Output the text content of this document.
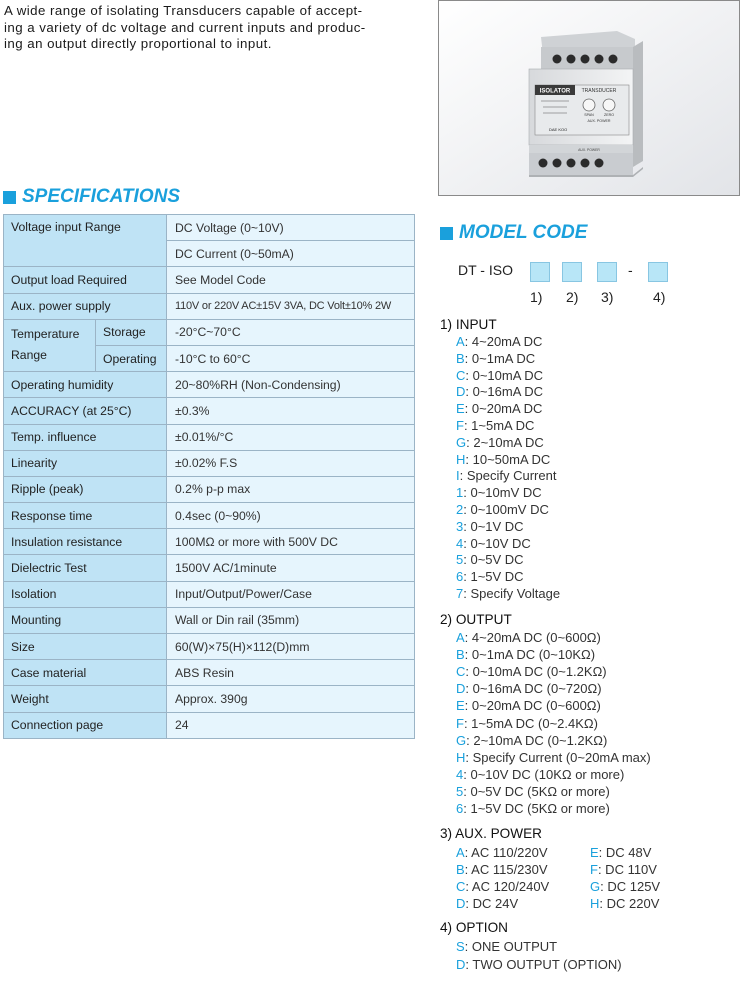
A wide range of isolating Transducers capable of accept-
ing a variety of dc voltage and current inputs and produc-
ing an output directly proportional to input.
ISOLATOR TRANSDUCER
SPAN	ZERO
AUX. POWER
DAE KOO
AUX. POWER
SPECIFICATIONS
Voltage input Range		DC Voltage (0~10V)
		DC Current (0~50mA)
Output load Required		See Model Code
Aux. power supply		110V or 220V AC±15V 3VA, DC Volt±10% 2W

Temperature
Range	Storage	-20°C~70°C
	Operating	-10°C to 60°C
Operating humidity		20~80%RH (Non-Condensing)
ACCURACY (at 25°C)		±0.3%
Temp. influence		±0.01%/°C
Linearity		±0.02% F.S
Ripple (peak)		0.2% p-p max
Response time		0.4sec (0~90%)
Insulation resistance		100MΩ or more with 500V DC
Dielectric Test		1500V AC/1minute
Isolation		Input/Output/Power/Case
Mounting		Wall or Din rail (35mm)
Size		60(W)×75(H)×112(D)mm
Case material		ABS Resin
Weight		Approx. 390g
Connection page		24
MODEL CODE
DT - ISO	-
1) 2) 3)	4)
1) INPUT
A: 4~20mA DC
B: 0~1mA DC
C: 0~10mA DC
D: 0~16mA DC
E: 0~20mA DC
F: 1~5mA DC
G: 2~10mA DC
H: 10~50mA DC
I: Specify Current
1: 0~10mV DC
2: 0~100mV DC
3: 0~1V DC
4: 0~10V DC
5: 0~5V DC
6: 1~5V DC
7: Specify Voltage
2) OUTPUT
A: 4~20mA DC (0~600Ω)
B: 0~1mA DC (0~10KΩ)
C: 0~10mA DC (0~1.2KΩ)
D: 0~16mA DC (0~720Ω)
E: 0~20mA DC (0~600Ω)
F: 1~5mA DC (0~2.4KΩ)
G: 2~10mA DC (0~1.2KΩ)
H: Specify Current (0~20mA max)
4: 0~10V DC (10KΩ or more)
5: 0~5V DC (5KΩ or more)
6: 1~5V DC (5KΩ or more)
3) AUX. POWER
A: AC 110/220V
B: AC 115/230V
C: AC 120/240V
D: DC 24V
E: DC 48V
F: DC 110V
G: DC 125V
H: DC 220V
4) OPTION
S: ONE OUTPUT
D: TWO OUTPUT (OPTION)
